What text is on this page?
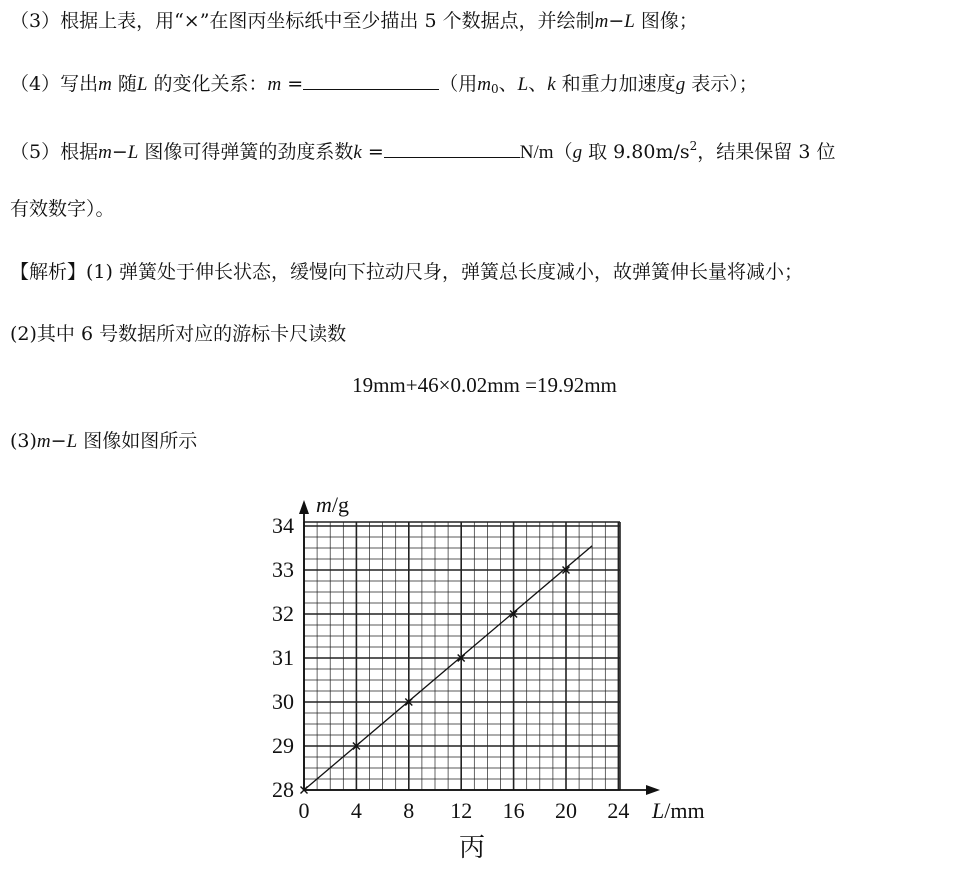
（3）根据上表，用“×”在图丙坐标纸中至少描出 5 个数据点，并绘制m−L 图像；
（4）写出m 随L 的变化关系：m =	（用$m_0$、L、k 和重力加速度g 表示）；
（5）根据m−L 图像可得弹簧的劲度系数k =	N/m（g 取 $9.80m/s^2$，结果保留 3 位
有效数字）。
【解析】(1) 弹簧处于伸长状态，缓慢向下拉动尺身，弹簧总长度减小，故弹簧伸长量将减小；
(2)其中 6 号数据所对应的游标卡尺读数
19mm+46×0.02mm =19.92mm
(3)m−L 图像如图所示
0 4 8 12 16 20 24
28
29
30
31
32
33
34
L/mm
m/g
丙
